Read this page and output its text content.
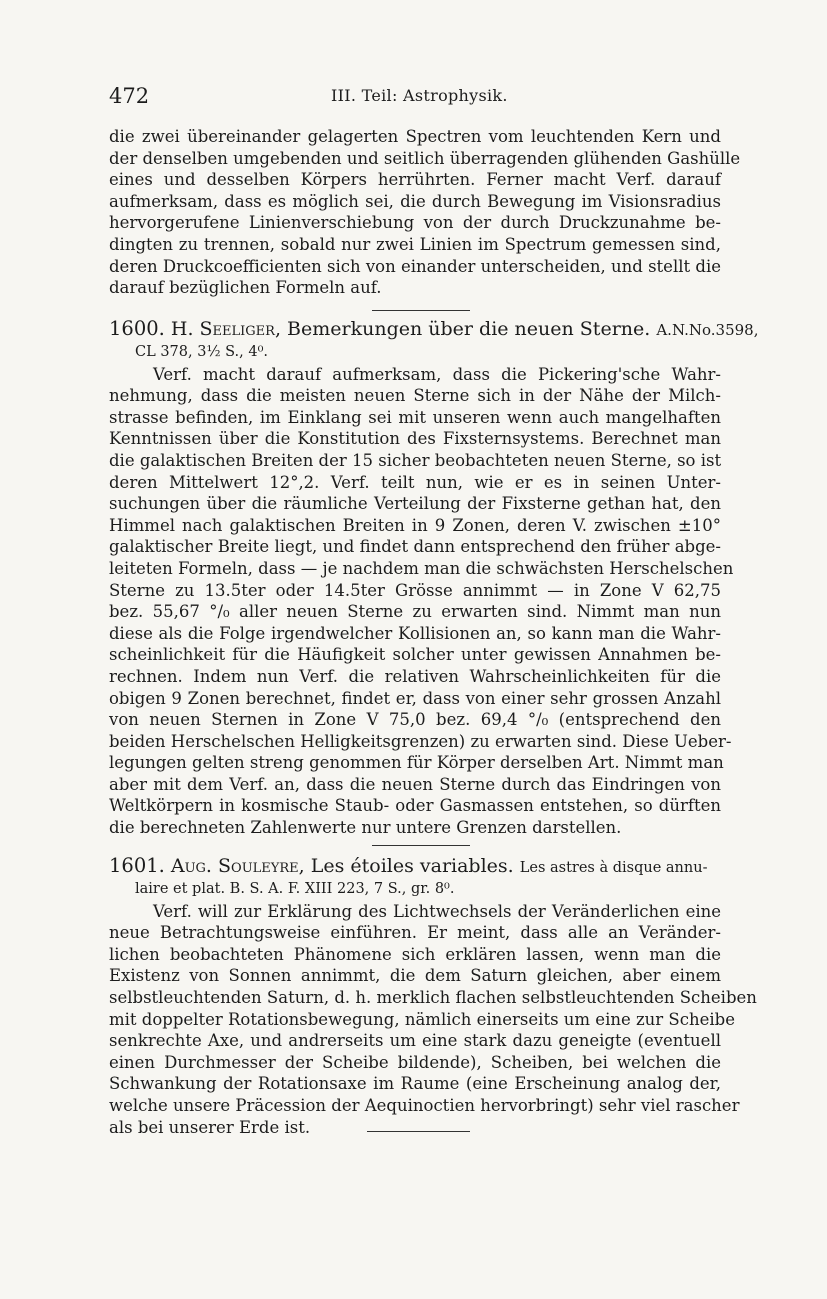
472	III. Teil: Astrophysik.
die zwei übereinander gelagerten Spectren vom leuchtenden Kern und
der denselben umgebenden und seitlich überragenden glühenden Gashülle
eines und desselben Körpers herrührten. Ferner macht Verf. darauf
aufmerksam, dass es möglich sei, die durch Bewegung im Visionsradius
hervorgerufene Linienverschiebung von der durch Druckzunahme be-
dingten zu trennen, sobald nur zwei Linien im Spectrum gemessen sind,
deren Druckcoefficienten sich von einander unterscheiden, und stellt die
darauf bezüglichen Formeln auf.
1600. H. Seeliger, Bemerkungen über die neuen Sterne. A.N.No.3598,
CL 378, 3½ S., 4⁰.
Verf. macht darauf aufmerksam, dass die Pickering'sche Wahr-
nehmung, dass die meisten neuen Sterne sich in der Nähe der Milch-
strasse befinden, im Einklang sei mit unseren wenn auch mangelhaften
Kenntnissen über die Konstitution des Fixsternsystems. Berechnet man
die galaktischen Breiten der 15 sicher beobachteten neuen Sterne, so ist
deren Mittelwert 12°,2. Verf. teilt nun, wie er es in seinen Unter-
suchungen über die räumliche Verteilung der Fixsterne gethan hat, den
Himmel nach galaktischen Breiten in 9 Zonen, deren V. zwischen ±10°
galaktischer Breite liegt, und findet dann entsprechend den früher abge-
leiteten Formeln, dass — je nachdem man die schwächsten Herschelschen
Sterne zu 13.5ter oder 14.5ter Grösse annimmt — in Zone V 62,75
bez. 55,67 °/₀ aller neuen Sterne zu erwarten sind. Nimmt man nun
diese als die Folge irgendwelcher Kollisionen an, so kann man die Wahr-
scheinlichkeit für die Häufigkeit solcher unter gewissen Annahmen be-
rechnen. Indem nun Verf. die relativen Wahrscheinlichkeiten für die
obigen 9 Zonen berechnet, findet er, dass von einer sehr grossen Anzahl
von neuen Sternen in Zone V 75,0 bez. 69,4 °/₀ (entsprechend den
beiden Herschelschen Helligkeitsgrenzen) zu erwarten sind. Diese Ueber-
legungen gelten streng genommen für Körper derselben Art. Nimmt man
aber mit dem Verf. an, dass die neuen Sterne durch das Eindringen von
Weltkörpern in kosmische Staub- oder Gasmassen entstehen, so dürften
die berechneten Zahlenwerte nur untere Grenzen darstellen.
1601. Aug. Souleyre, Les étoiles variables. Les astres à disque annu-
laire et plat. B. S. A. F. XIII 223, 7 S., gr. 8⁰.
Verf. will zur Erklärung des Lichtwechsels der Veränderlichen eine
neue Betrachtungsweise einführen. Er meint, dass alle an Veränder-
lichen beobachteten Phänomene sich erklären lassen, wenn man die
Existenz von Sonnen annimmt, die dem Saturn gleichen, aber einem
selbstleuchtenden Saturn, d. h. merklich flachen selbstleuchtenden Scheiben
mit doppelter Rotationsbewegung, nämlich einerseits um eine zur Scheibe
senkrechte Axe, und andrerseits um eine stark dazu geneigte (eventuell
einen Durchmesser der Scheibe bildende), Scheiben, bei welchen die
Schwankung der Rotationsaxe im Raume (eine Erscheinung analog der,
welche unsere Präcession der Aequinoctien hervorbringt) sehr viel rascher
als bei unserer Erde ist.
